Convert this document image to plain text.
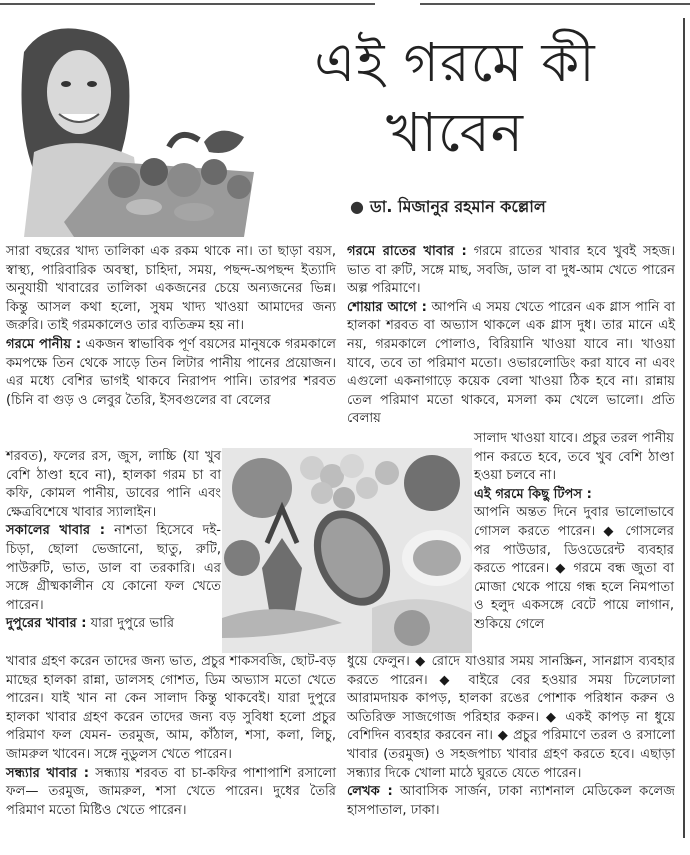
এই গরমে কী খাবেন
● ডা. মিজানুর রহমান কল্লোল

সারা বছরের খাদ্য তালিকা এক রকম থাকে না। তা ছাড়া বয়স, স্বাস্থ্য, পারিবারিক অবস্থা, চাহিদা, সময়, পছন্দ-অপছন্দ ইত্যাদি অনুযায়ী খাবারের তালিকা একজনের চেয়ে অন্যজনের ভিন্ন। কিন্তু আসল কথা হলো, সুষম খাদ্য খাওয়া আমাদের জন্য জরুরি। তাই গরমকালেও তার ব্যতিক্রম হয় না।

গরমে পানীয় : একজন স্বাভাবিক পূর্ণ বয়সের মানুষকে গরমকালে কমপক্ষে তিন থেকে সাড়ে তিন লিটার পানীয় পানের প্রয়োজন। এর মধ্যে বেশির ভাগই থাকবে নিরাপদ পানি। তারপর শরবত (চিনি বা গুড় ও লেবুর তৈরি, ইসবগুলের বা বেলের

শরবত), ফলের রস, জুস, লাচ্চি (যা খুব বেশি ঠাণ্ডা হবে না), হালকা গরম চা বা কফি, কোমল পানীয়, ডাবের পানি এবং ক্ষেত্রবিশেষে খাবার স্যালাইন।

সকালের খাবার : নাশতা হিসেবে দই-চিড়া, ছোলা ভেজানো, ছাতু, রুটি, পাউরুটি, ভাত, ডাল বা তরকারি। এর সঙ্গে গ্রীষ্মকালীন যে কোনো ফল খেতে পারেন।

দুপুরের খাবার : যারা দুপুরে ভারি

খাবার গ্রহণ করেন তাদের জন্য ভাত, প্রচুর শাকসবজি, ছোট-বড় মাছের হালকা রান্না, ডালসহ গোশত, ডিম অভ্যাস মতো খেতে পারেন। যাই খান না কেন সালাদ কিন্তু থাকবেই। যারা দুপুরে হালকা খাবার গ্রহণ করেন তাদের জন্য বড় সুবিধা হলো প্রচুর পরিমাণ ফল যেমন- তরমুজ, আম, কাঁঠাল, শসা, কলা, লিচু, জামরুল খাবেন। সঙ্গে নুডুলস খেতে পারেন।

সন্ধ্যার খাবার : সন্ধ্যায় শরবত বা চা-কফির পাশাপাশি রসালো ফল— তরমুজ, জামরুল, শসা খেতে পারেন। দুধের তৈরি পরিমাণ মতো মিষ্টিও খেতে পারেন।

গরমে রাতের খাবার : গরমে রাতের খাবার হবে খুবই সহজ। ভাত বা রুটি, সঙ্গে মাছ, সবজি, ডাল বা দুধ-আম খেতে পারেন অল্প পরিমাণে।

শোয়ার আগে : আপনি এ সময় খেতে পারেন এক গ্লাস পানি বা হালকা শরবত বা অভ্যাস থাকলে এক গ্লাস দুধ। তার মানে এই নয়, গরমকালে পোলাও, বিরিয়ানি খাওয়া যাবে না। খাওয়া যাবে, তবে তা পরিমাণ মতো। ওভারলোডিং করা যাবে না এবং এগুলো একনাগাড়ে কয়েক বেলা খাওয়া ঠিক হবে না। রান্নায় তেল পরিমাণ মতো থাকবে, মসলা কম খেলে ভালো। প্রতি বেলায়

সালাদ খাওয়া যাবে। প্রচুর তরল পানীয় পান করতে হবে, তবে খুব বেশি ঠাণ্ডা হওয়া চলবে না।

এই গরমে কিছু টিপস :

আপনি অন্তত দিনে দুবার ভালোভাবে গোসল করতে পারেন। ◆ গোসলের পর পাউডার, ডিওডেরেন্ট ব্যবহার করতে পারেন। ◆ গরমে বন্ধ জুতা বা মোজা থেকে পায়ে গন্ধ হলে নিমপাতা ও হলুদ একসঙ্গে বেটে পায়ে লাগান, শুকিয়ে গেলে

ধুয়ে ফেলুন। ◆ রোদে যাওয়ার সময় সানস্ক্রিন, সানগ্লাস ব্যবহার করতে পারেন। ◆ বাইরে বের হওয়ার সময় ঢিলেঢালা আরামদায়ক কাপড়, হালকা রঙের পোশাক পরিধান করুন ও অতিরিক্ত সাজগোজ পরিহার করুন। ◆ একই কাপড় না ধুয়ে বেশিদিন ব্যবহার করবেন না। ◆ প্রচুর পরিমাণে তরল ও রসালো খাবার (তরমুজ) ও সহজপাচ্য খাবার গ্রহণ করতে হবে। এছাড়া সন্ধ্যার দিকে খোলা মাঠে ঘুরতে যেতে পারেন।

লেখক : আবাসিক সার্জন, ঢাকা ন্যাশনাল মেডিকেল কলেজ হাসপাতাল, ঢাকা।
